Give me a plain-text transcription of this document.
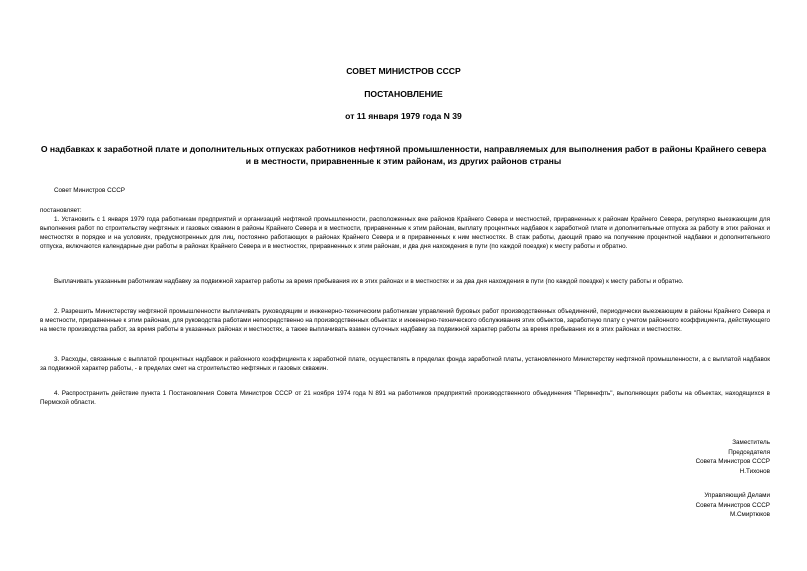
СОВЕТ МИНИСТРОВ СССР
ПОСТАНОВЛЕНИЕ
от 11 января 1979 года N 39
О надбавках к заработной плате и дополнительных отпусках работников нефтяной промышленности, направляемых для выполнения работ в районы Крайнего севера и в местности, приравненные к этим районам, из других районов страны
Совет Министров СССР
постановляет:
1. Установить с 1 января 1979 года работникам предприятий и организаций нефтяной промышленности, расположенных вне районов Крайнего Севера и местностей, приравненных к районам Крайнего Севера, регулярно выезжающим для выполнения работ по строительству нефтяных и газовых скважин в районы Крайнего Севера и в местности, приравненные к этим районам, выплату процентных надбавок к заработной плате и дополнительные отпуска за работу в этих районах и местностях в порядке и на условиях, предусмотренных для лиц, постоянно работающих в районах Крайнего Севера и в приравненных к ним местностях. В стаж работы, дающий право на получение процентной надбавки и дополнительного отпуска, включаются календарные дни работы в районах Крайнего Севера и в местностях, приравненных к этим районам, и два дня нахождения в пути (по каждой поездке) к месту работы и обратно.
Выплачивать указанным работникам надбавку за подвижной характер работы за время пребывания их в этих районах и в местностях и за два дня нахождения в пути (по каждой поездке) к месту работы и обратно.
2. Разрешить Министерству нефтяной промышленности выплачивать руководящим и инженерно-техническим работникам управлений буровых работ производственных объединений, периодически выезжающим в районы Крайнего Севера и в местности, приравненные к этим районам, для руководства работами непосредственно на производственных объектах и инженерно-технического обслуживания этих объектов, заработную плату с учетом районного коэффициента, действующего на месте производства работ, за время работы в указанных районах и местностях, а также выплачивать взамен суточных надбавку за подвижной характер работы за время пребывания их в этих районах и местностях.
3. Расходы, связанные с выплатой процентных надбавок и районного коэффициента к заработной плате, осуществлять в пределах фонда заработной платы, установленного Министерству нефтяной промышленности, а с выплатой надбавок за подвижной характер работы, - в пределах смет на строительство нефтяных и газовых скважин.
4. Распространить действие пункта 1 Постановления Совета Министров СССР от 21 ноября 1974 года N 891 на работников предприятий производственного объединения "Пермнефть", выполняющих работы на объектах, находящихся в Пермской области.
Заместитель
Председателя
Совета Министров СССР
Н.Тихонов
Управляющий Делами
Совета Министров СССР
М.Смиртюков
